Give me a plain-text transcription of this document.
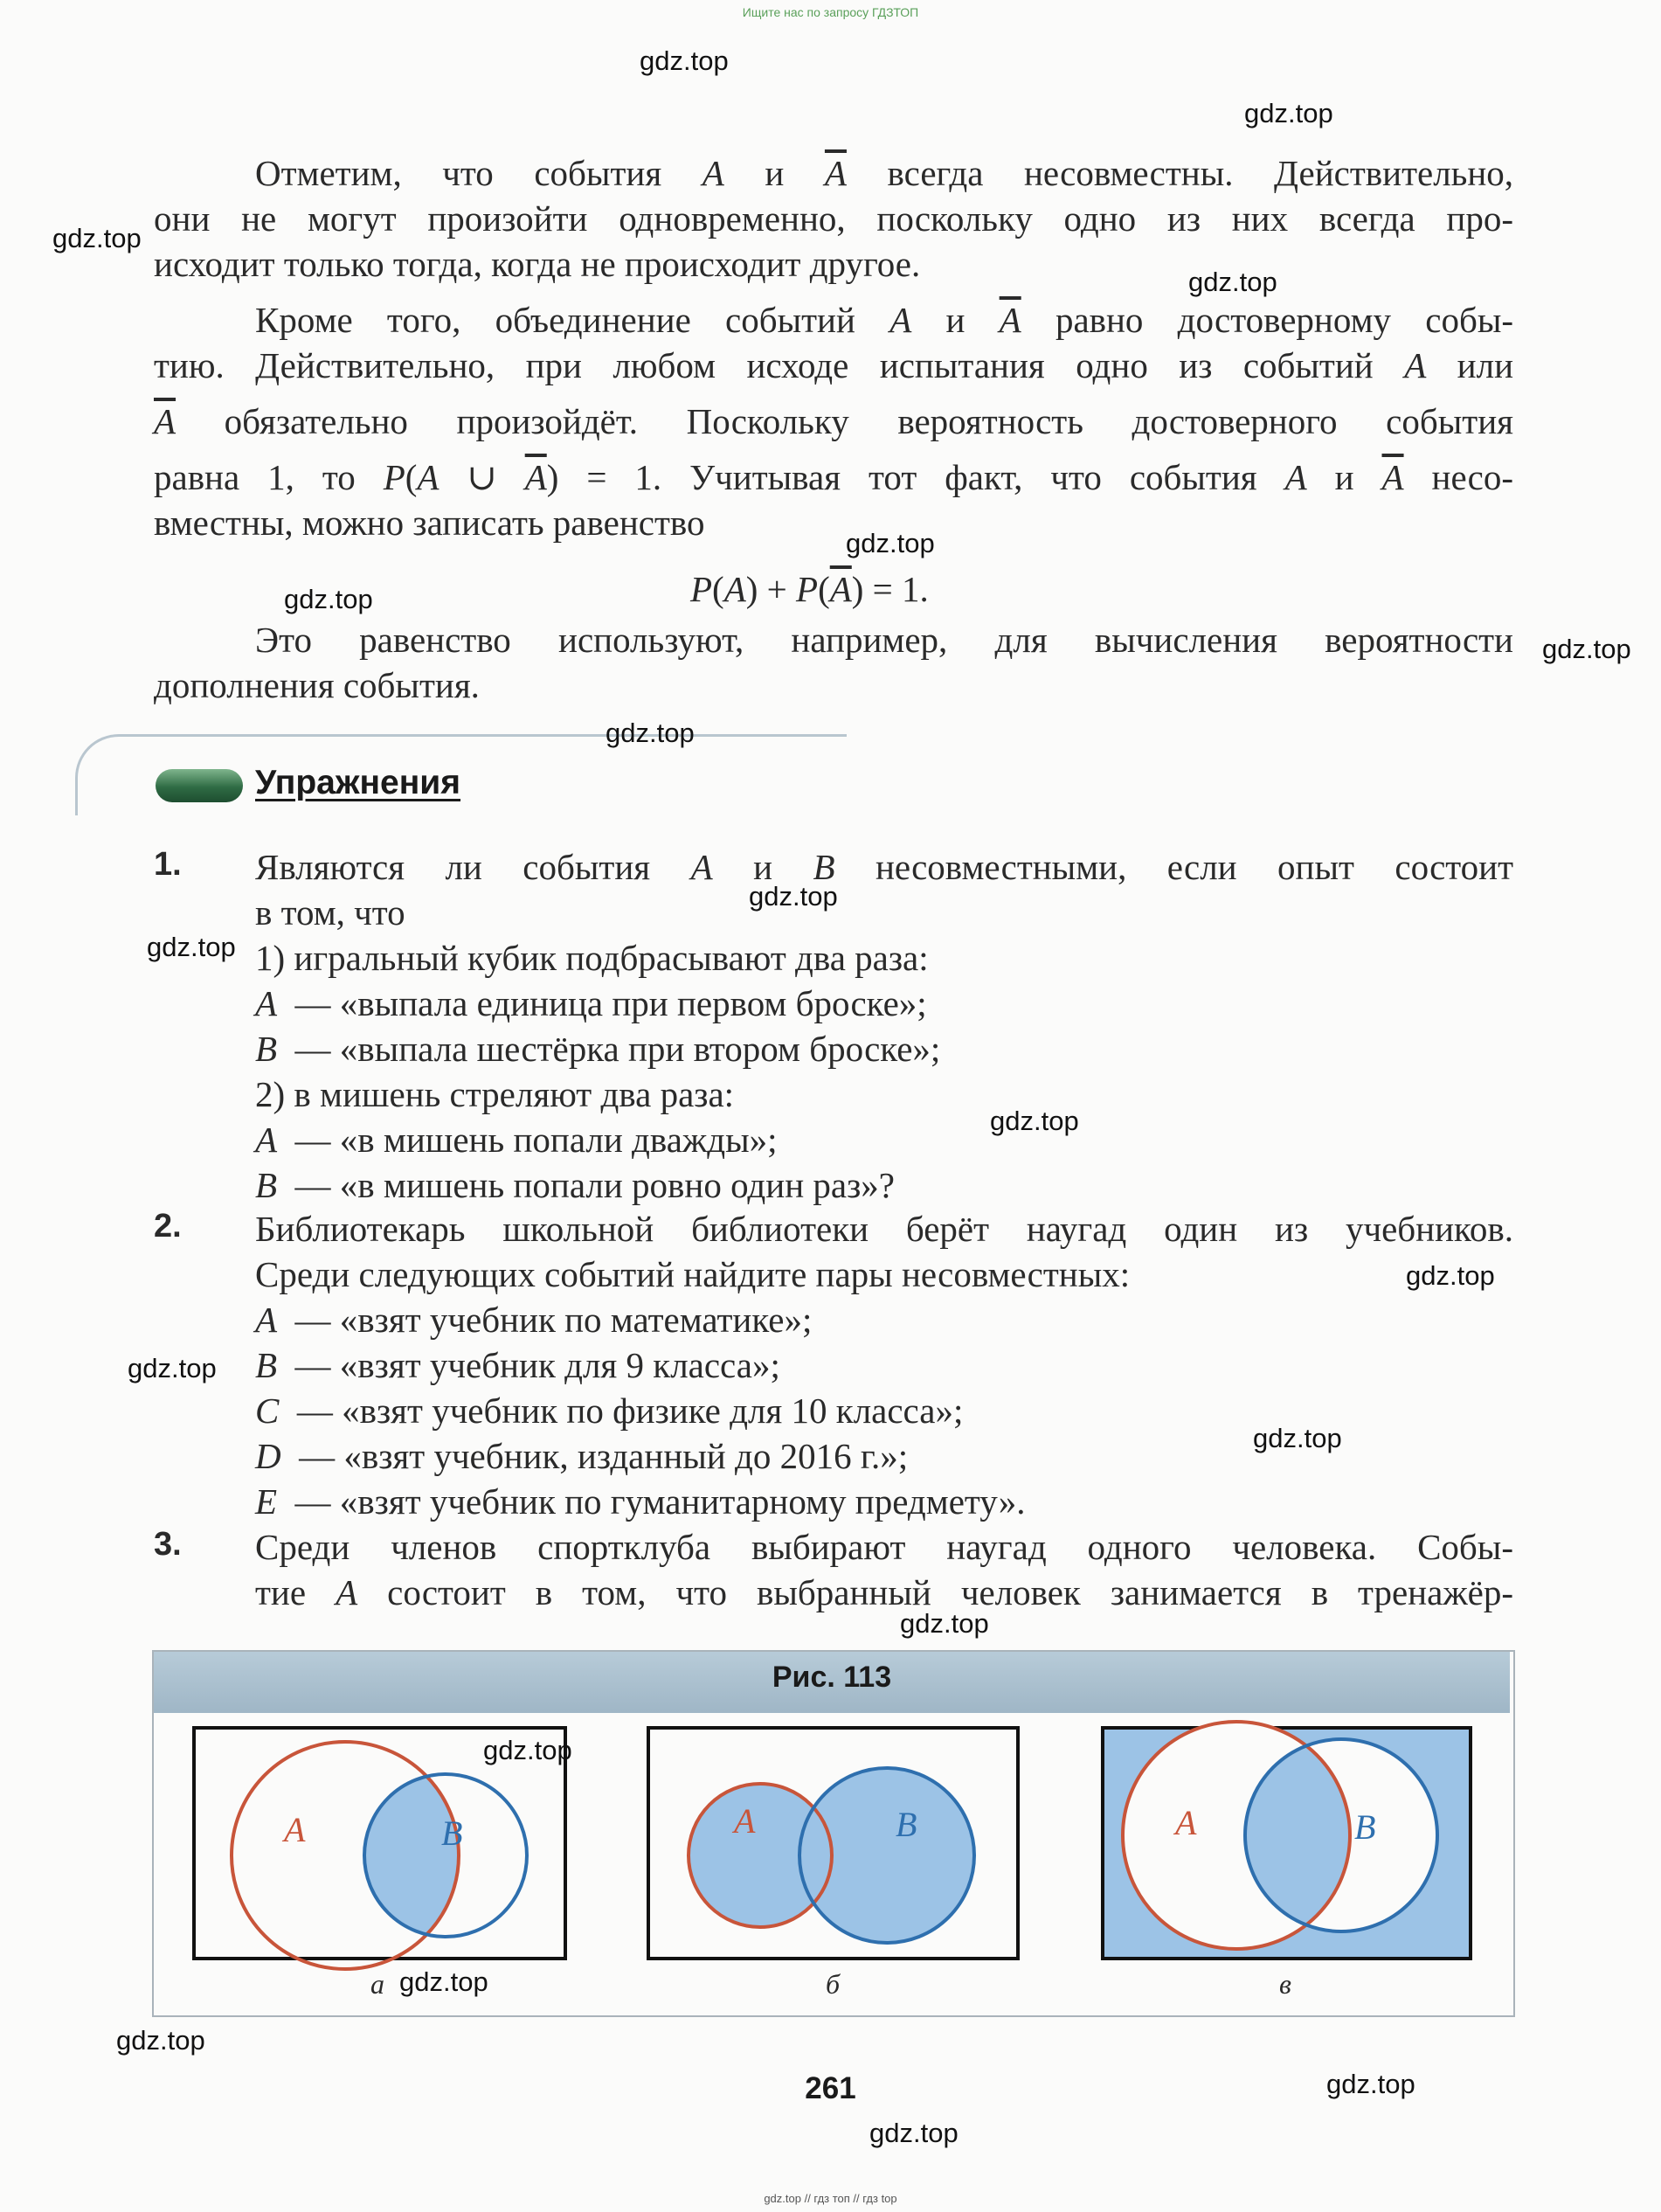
Ищите нас по запросу ГДЗТОП
gdz.top // гдз топ // гдз top
Отметим, что события A и $\overline{A}$ всегда несовместны. Действительно,
они не могут произойти одновременно, поскольку одно из них всегда про-
исходит только тогда, когда не происходит другое.
Кроме того, объединение событий A и $\overline{A}$ равно достоверному собы-
тию. Действительно, при любом исходе испытания одно из событий A или
$\overline{A}$ обязательно произойдёт. Поскольку вероятность достоверного события
равна 1, то P(A ∪ $\overline{A}) = 1$. Учитывая тот факт, что события A и $\overline{A}$ несо-
вместны, можно записать равенство
$P(A) + P(\overline{A}) = 1$.
Это равенство используют, например, для вычисления вероятности
дополнения события.
Упражнения
1. Являются ли события A и B несовместными, если опыт состоит
в том, что
1) игральный кубик подбрасывают два раза:
A — «выпала единица при первом броске»;
B — «выпала шестёрка при втором броске»;
2) в мишень стреляют два раза:
A — «в мишень попали дважды»;
B — «в мишень попали ровно один раз»?
2. Библиотекарь школьной библиотеки берёт наугад один из учебников.
Среди следующих событий найдите пары несовместных:
A — «взят учебник по математике»;
B — «взят учебник для 9 класса»;
C — «взят учебник по физике для 10 класса»;
D — «взят учебник, изданный до 2016 г.»;
E — «взят учебник по гуманитарному предмету».
3. Среди членов спортклуба выбирают наугад одного человека. Собы-
тие A состоит в том, что выбранный человек занимается в тренажёр-
Рис. 113
A	B	A	B	A	B
а	б	в
261
gdz.top
gdz.top
gdz.top
gdz.top
gdz.top
gdz.top
gdz.top
gdz.top
gdz.top
gdz.top
gdz.top
gdz.top
gdz.top
gdz.top
gdz.top
gdz.top
gdz.top
gdz.top
gdz.top
gdz.top
